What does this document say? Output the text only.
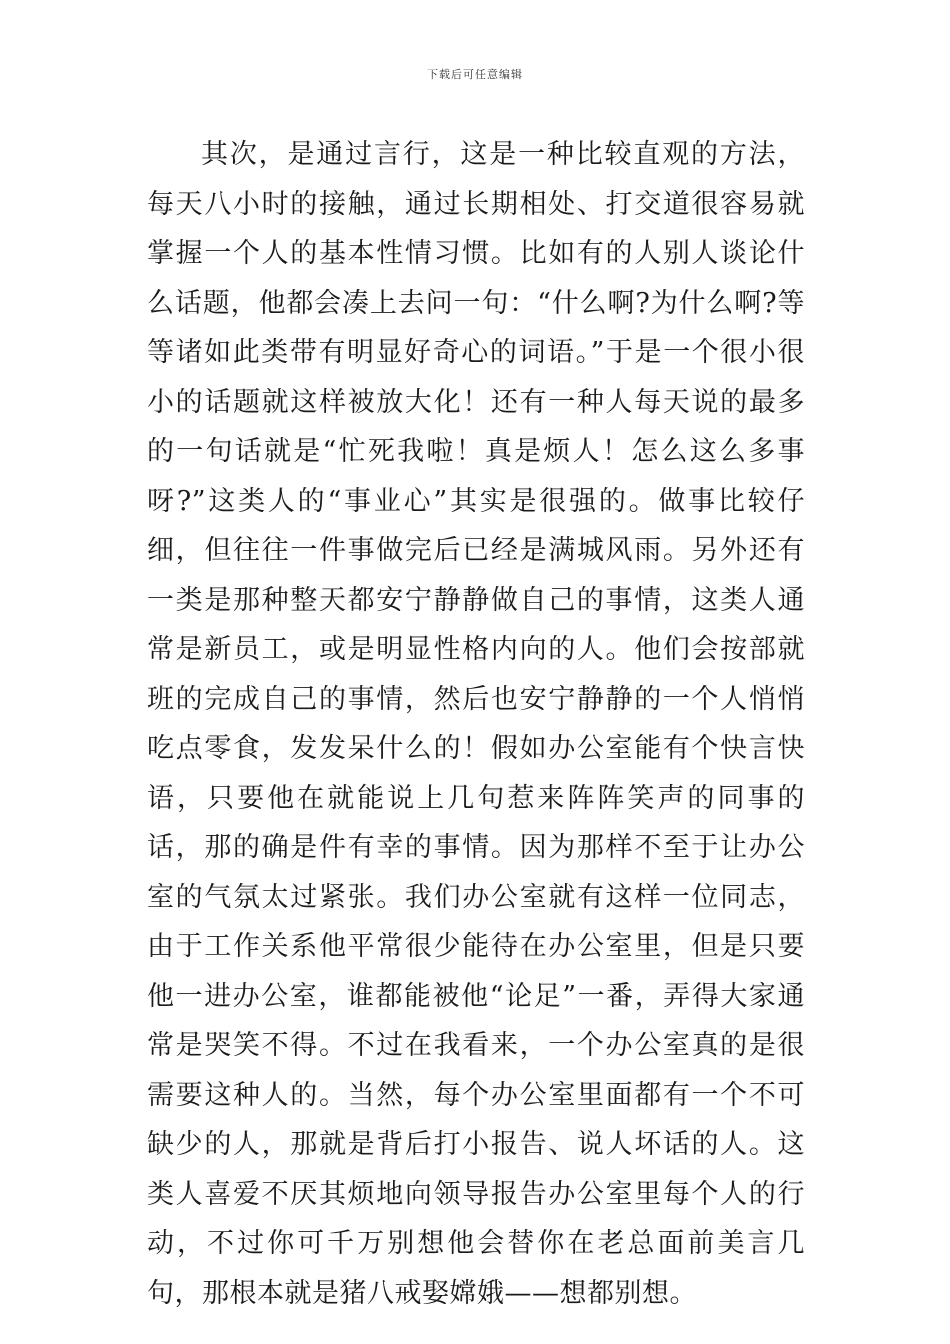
下载后可任意编辑

其次，是通过言行，这是一种比较直观的方法，每天八小时的接触，通过长期相处、打交道很容易就掌握一个人的基本性情习惯。比如有的人别人谈论什么话题，他都会凑上去问一句：“什么啊?为什么啊?等等诸如此类带有明显好奇心的词语。”于是一个很小很小的话题就这样被放大化！还有一种人每天说的最多的一句话就是“忙死我啦！真是烦人！怎么这么多事呀?”这类人的“事业心”其实是很强的。做事比较仔细，但往往一件事做完后已经是满城风雨。另外还有一类是那种整天都安宁静静做自己的事情，这类人通常是新员工，或是明显性格内向的人。他们会按部就班的完成自己的事情，然后也安宁静静的一个人悄悄吃点零食，发发呆什么的！假如办公室能有个快言快语，只要他在就能说上几句惹来阵阵笑声的同事的话，那的确是件有幸的事情。因为那样不至于让办公室的气氛太过紧张。我们办公室就有这样一位同志，由于工作关系他平常很少能待在办公室里，但是只要他一进办公室，谁都能被他“论足”一番，弄得大家通常是哭笑不得。不过在我看来，一个办公室真的是很需要这种人的。当然，每个办公室里面都有一个不可缺少的人，那就是背后打小报告、说人坏话的人。这类人喜爱不厌其烦地向领导报告办公室里每个人的行动，不过你可千万别想他会替你在老总面前美言几句，那根本就是猪八戒娶嫦娥——想都别想。
